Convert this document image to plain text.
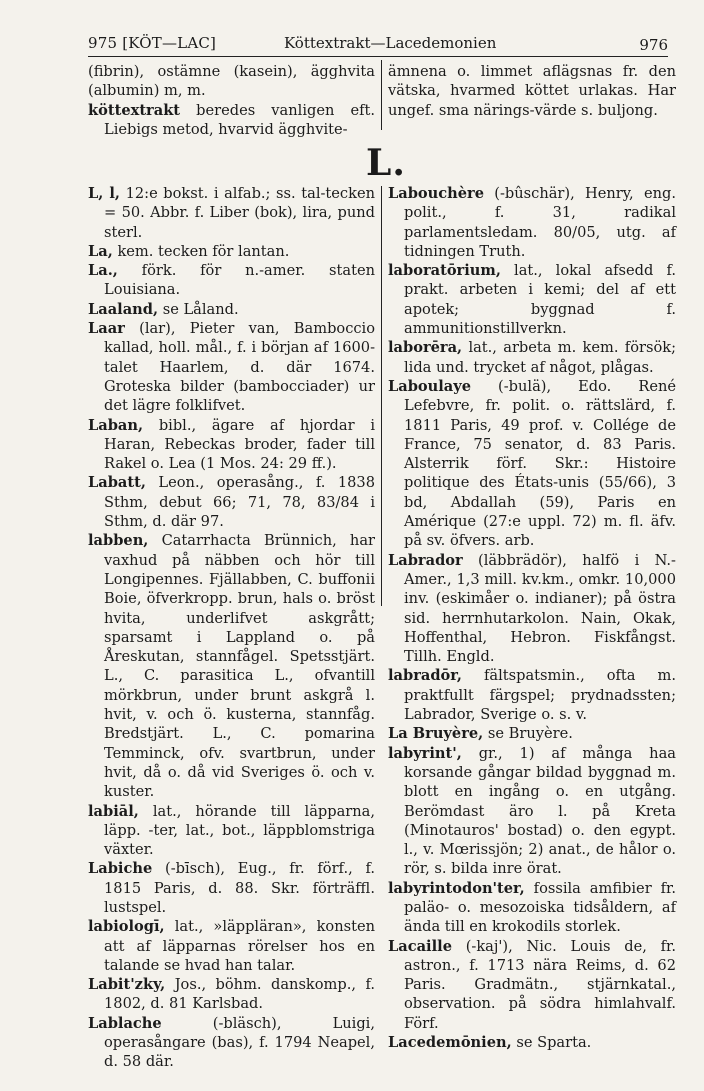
975 [KÖT—LAC]	Köttextrakt—Lacedemonien	976

(fibrin), ostämne (kasein), ägghvita (albumin) m, m.

köttextrakt beredes vanligen eft. Liebigs metod, hvarvid ägghvite-

ämnena o. limmet aflägsnas fr. den vätska, hvarmed köttet urlakas. Har ungef. sma närings-värde s. buljong.

L.

L, l, 12:e bokst. i alfab.; ss. tal-tecken = 50. Abbr. f. Liber (bok), lira, pund sterl.

La, kem. tecken för lantan.

La., förk. för n.-amer. staten Louisiana.

Laaland, se Låland.

Laar (lar), Pieter van, Bamboccio kallad, holl. mål., f. i början af 1600-talet Haarlem, d. där 1674. Groteska bilder (bambocciader) ur det lägre folklifvet.

Laban, bibl., ägare af hjordar i Haran, Rebeckas broder, fader till Rakel o. Lea (1 Mos. 24: 29 ff.).

Labatt, Leon., operasång., f. 1838 Sthm, debut 66; 71, 78, 83/84 i Sthm, d. där 97.

labben, Catarrhacta Brünnich, har vaxhud på näbben och hör till Longipennes. Fjällabben, C. buffonii Boie, öfverkropp. brun, hals o. bröst hvita, underlifvet askgrått; sparsamt i Lappland o. på Åreskutan, stannfågel. Spetsstjärt. L., C. parasitica L., ofvantill mörkbrun, under brunt askgrå l. hvit, v. och ö. kusterna, stannfåg. Bredstjärt. L., C. pomarina Temminck, ofv. svartbrun, under hvit, då o. då vid Sveriges ö. och v. kuster.

labiāl, lat., hörande till läpparna, läpp. -ter, lat., bot., läppblomstriga växter.

Labiche (-bīsch), Eug., fr. förf., f. 1815 Paris, d. 88. Skr. förträffl. lustspel.

labiologī, lat., »läppläran», konsten att af läpparnas rörelser hos en talande se hvad han talar.

Labit'zky, Jos., böhm. danskomp., f. 1802, d. 81 Karlsbad.

Lablache (-bläsch), Luigi, operasångare (bas), f. 1794 Neapel, d. 58 där.

Labouchère (-bûschär), Henry, eng. polit., f. 31, radikal parlamentsledam. 80/05, utg. af tidningen Truth.

laboratōrium, lat., lokal afsedd f. prakt. arbeten i kemi; del af ett apotek; byggnad f. ammunitionstillverkn.

laborēra, lat., arbeta m. kem. försök; lida und. trycket af något, plågas.

Laboulaye (-bulä), Edo. René Lefebvre, fr. polit. o. rättslärd, f. 1811 Paris, 49 prof. v. Collége de France, 75 senator, d. 83 Paris. Alsterrik förf. Skr.: Histoire politique des États-unis (55/66), 3 bd, Abdallah (59), Paris en Amérique (27:e uppl. 72) m. fl. äfv. på sv. öfvers. arb.

Labrador (läbbrädör), halfö i N.-Amer., 1,3 mill. kv.km., omkr. 10,000 inv. (eskimåer o. indianer); på östra sid. herrnhutarkolon. Nain, Okak, Hoffenthal, Hebron. Fiskfångst. Tillh. Engld.

labradōr, fältspatsmin., ofta m. praktfullt färgspel; prydnadssten; Labrador, Sverige o. s. v.

La Bruyère, se Bruyère.

labyrint', gr., 1) af många haa korsande gångar bildad byggnad m. blott en ingång o. en utgång. Berömdast äro l. på Kreta (Minotauros' bostad) o. den egypt. l., v. Mœrissjön; 2) anat., de hålor o. rör, s. bilda inre örat.

labyrintodon'ter, fossila amfibier fr. paläo- o. mesozoiska tidsåldern, af ända till en krokodils storlek.

Lacaille (-kaj'), Nic. Louis de, fr. astron., f. 1713 nära Reims, d. 62 Paris. Gradmätn., stjärnkatal., observation. på södra himlahvalf. Förf.

Lacedemōnien, se Sparta.
